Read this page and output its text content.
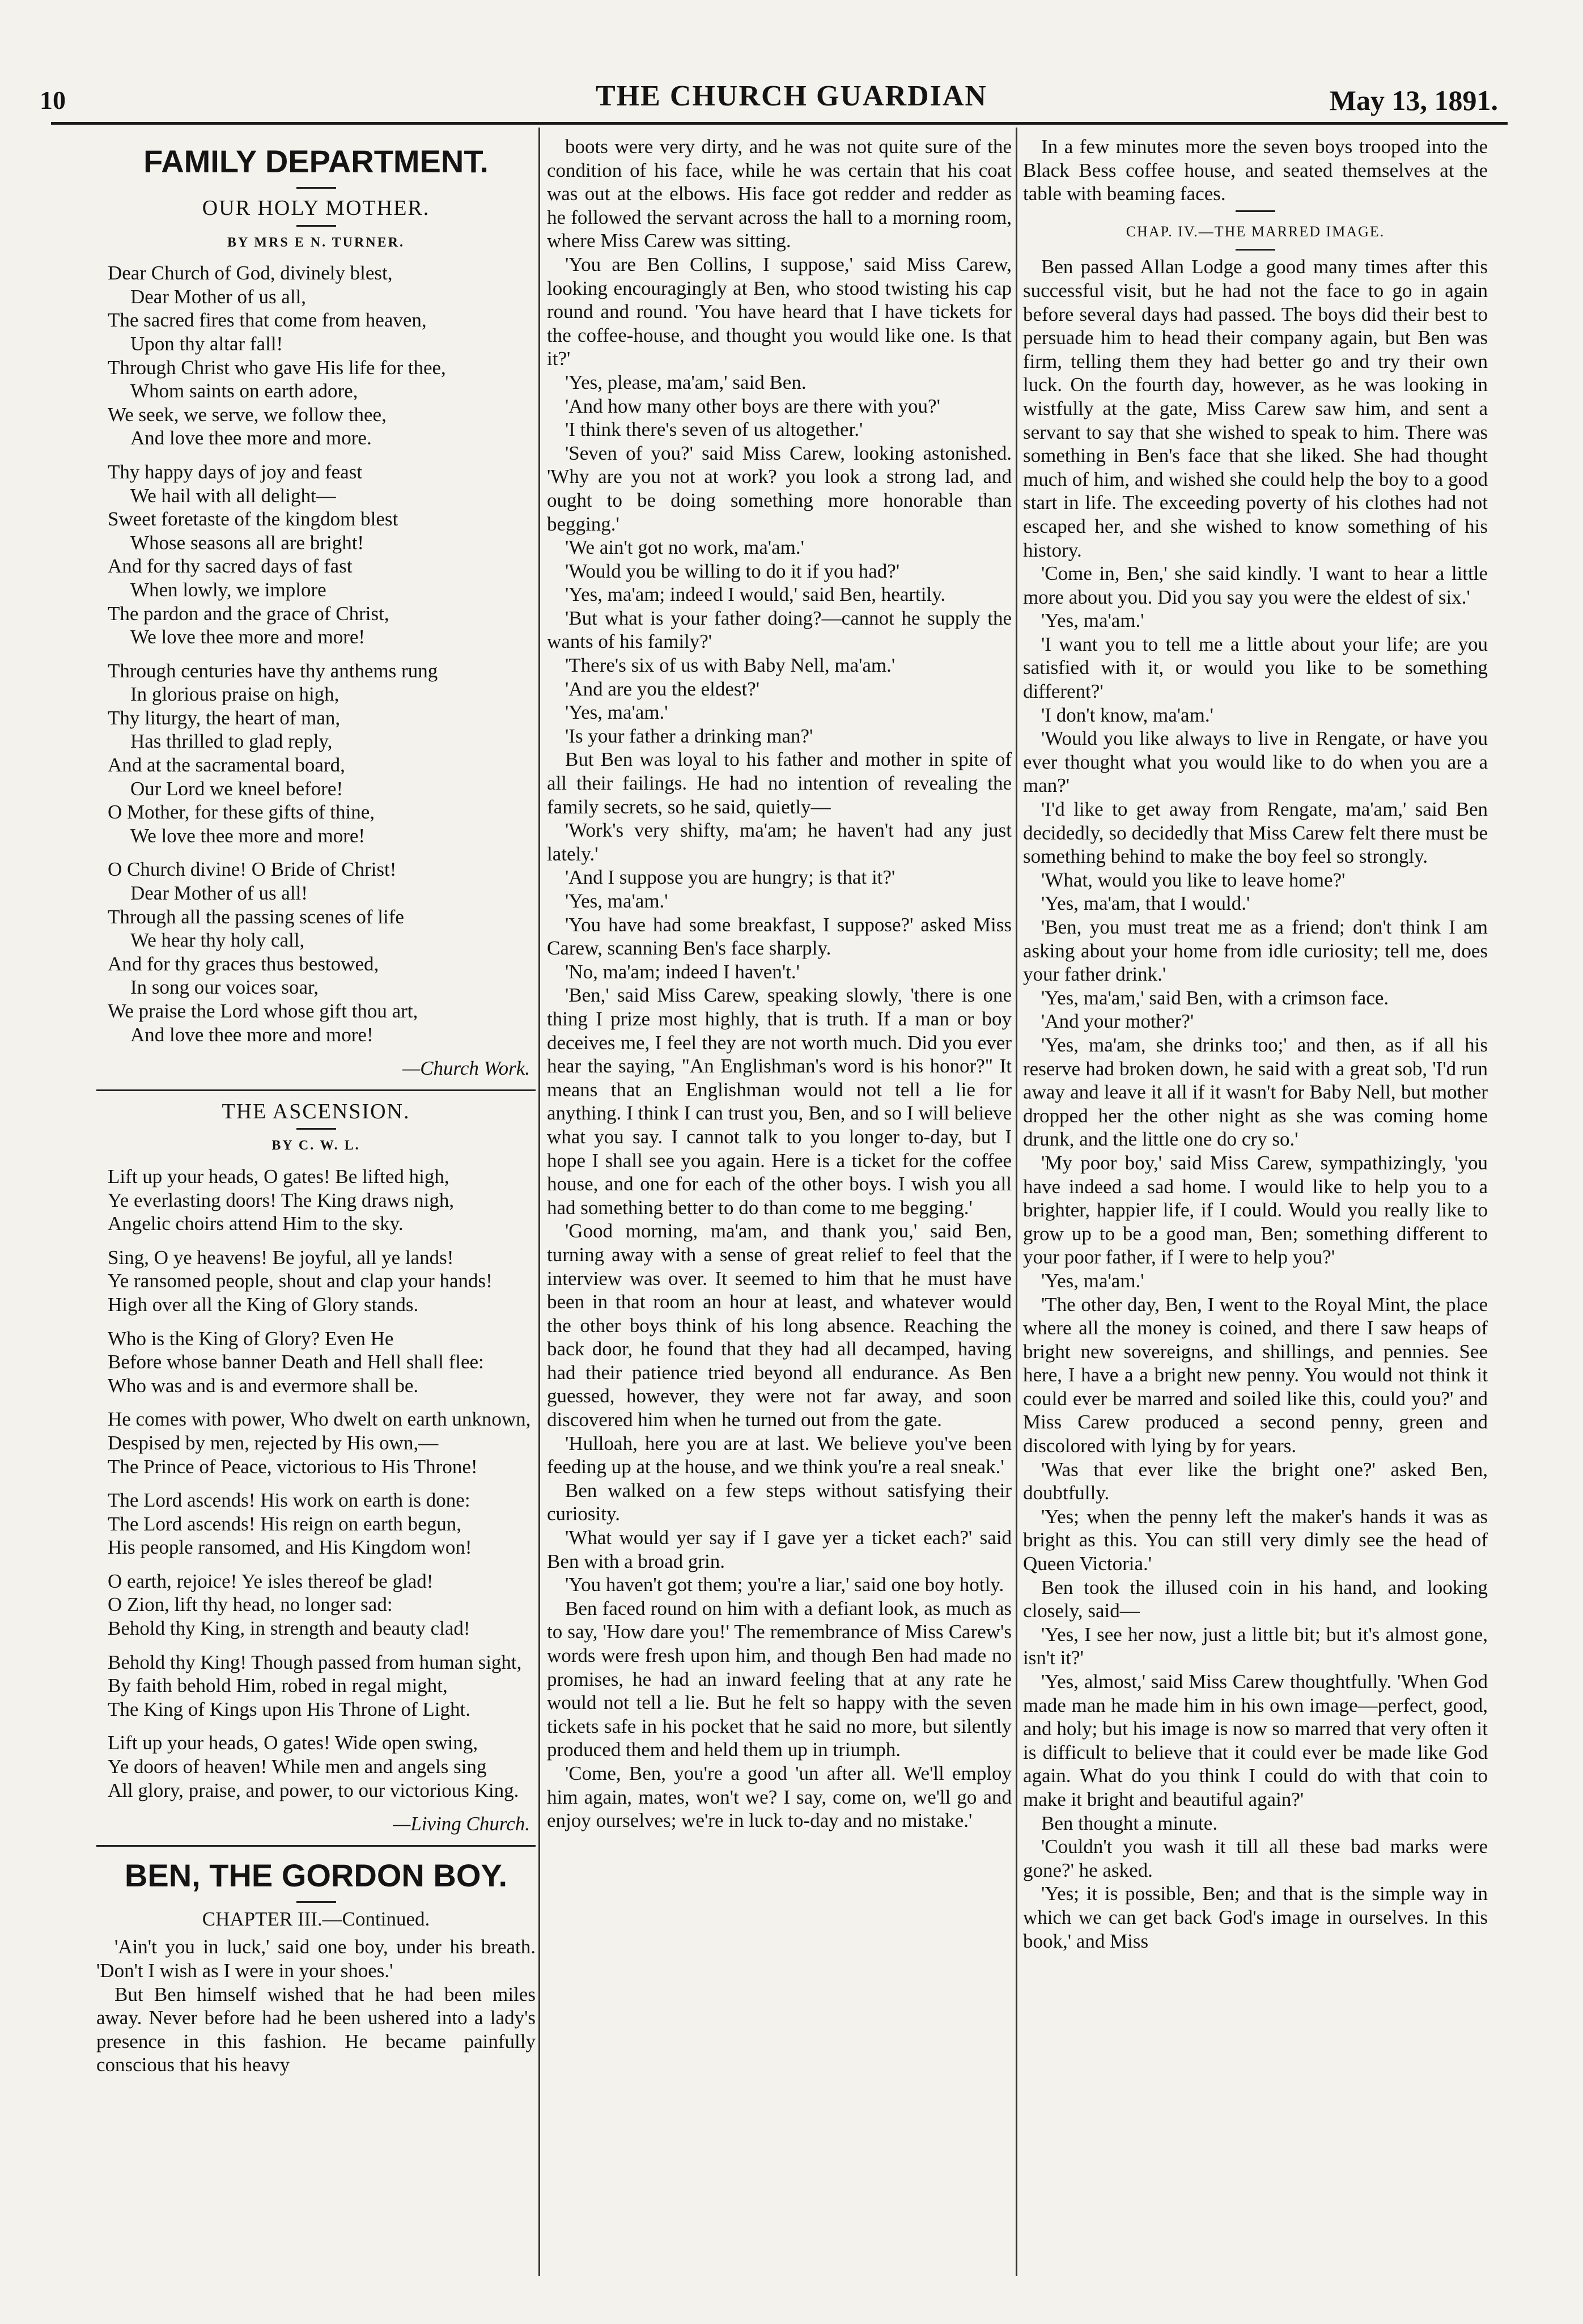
10	THE CHURCH GUARDIAN	May 13, 1891.
FAMILY DEPARTMENT.
OUR HOLY MOTHER.
BY MRS E N. TURNER.
Dear Church of God, divinely blest,
Dear Mother of us all,
The sacred fires that come from heaven,
Upon thy altar fall!
Through Christ who gave His life for thee,
Whom saints on earth adore,
We seek, we serve, we follow thee,
And love thee more and more.
Thy happy days of joy and feast
We hail with all delight—
Sweet foretaste of the kingdom blest
Whose seasons all are bright!
And for thy sacred days of fast
When lowly, we implore
The pardon and the grace of Christ,
We love thee more and more!
Through centuries have thy anthems rung
In glorious praise on high,
Thy liturgy, the heart of man,
Has thrilled to glad reply,
And at the sacramental board,
Our Lord we kneel before!
O Mother, for these gifts of thine,
We love thee more and more!
O Church divine! O Bride of Christ!
Dear Mother of us all!
Through all the passing scenes of life
We hear thy holy call,
And for thy graces thus bestowed,
In song our voices soar,
We praise the Lord whose gift thou art,
And love thee more and more!
—Church Work.
THE ASCENSION.
BY C. W. L.
Lift up your heads, O gates! Be lifted high,
Ye everlasting doors! The King draws nigh,
Angelic choirs attend Him to the sky.
Sing, O ye heavens! Be joyful, all ye lands!
Ye ransomed people, shout and clap your hands!
High over all the King of Glory stands.
Who is the King of Glory? Even He
Before whose banner Death and Hell shall flee:
Who was and is and evermore shall be.
He comes with power, Who dwelt on earth unknown,
Despised by men, rejected by His own,—
The Prince of Peace, victorious to His Throne!
The Lord ascends! His work on earth is done:
The Lord ascends! His reign on earth begun,
His people ransomed, and His Kingdom won!
O earth, rejoice! Ye isles thereof be glad!
O Zion, lift thy head, no longer sad:
Behold thy King, in strength and beauty clad!
Behold thy King! Though passed from human sight,
By faith behold Him, robed in regal might,
The King of Kings upon His Throne of Light.
Lift up your heads, O gates! Wide open swing,
Ye doors of heaven! While men and angels sing
All glory, praise, and power, to our victorious King.
—Living Church.
BEN, THE GORDON BOY.
CHAPTER III.—Continued.

'Ain't you in luck,' said one boy, under his breath. 'Don't I wish as I were in your shoes.'

But Ben himself wished that he had been miles away. Never before had he been ushered into a lady's presence in this fashion. He became painfully conscious that his heavy

boots were very dirty, and he was not quite sure of the condition of his face, while he was certain that his coat was out at the elbows. His face got redder and redder as he followed the servant across the hall to a morning room, where Miss Carew was sitting.

'You are Ben Collins, I suppose,' said Miss Carew, looking encouragingly at Ben, who stood twisting his cap round and round. 'You have heard that I have tickets for the coffee-house, and thought you would like one. Is that it?'

'Yes, please, ma'am,' said Ben.

'And how many other boys are there with you?'

'I think there's seven of us altogether.'

'Seven of you?' said Miss Carew, looking astonished. 'Why are you not at work? you look a strong lad, and ought to be doing something more honorable than begging.'

'We ain't got no work, ma'am.'

'Would you be willing to do it if you had?'

'Yes, ma'am; indeed I would,' said Ben, heartily.

'But what is your father doing?—cannot he supply the wants of his family?'

'There's six of us with Baby Nell, ma'am.'

'And are you the eldest?'

'Yes, ma'am.'

'Is your father a drinking man?'

But Ben was loyal to his father and mother in spite of all their failings. He had no intention of revealing the family secrets, so he said, quietly—

'Work's very shifty, ma'am; he haven't had any just lately.'

'And I suppose you are hungry; is that it?'

'Yes, ma'am.'

'You have had some breakfast, I suppose?' asked Miss Carew, scanning Ben's face sharply.

'No, ma'am; indeed I haven't.'

'Ben,' said Miss Carew, speaking slowly, 'there is one thing I prize most highly, that is truth. If a man or boy deceives me, I feel they are not worth much. Did you ever hear the saying, "An Englishman's word is his honor?" It means that an Englishman would not tell a lie for anything. I think I can trust you, Ben, and so I will believe what you say. I cannot talk to you longer to-day, but I hope I shall see you again. Here is a ticket for the coffee house, and one for each of the other boys. I wish you all had something better to do than come to me begging.'

'Good morning, ma'am, and thank you,' said Ben, turning away with a sense of great relief to feel that the interview was over. It seemed to him that he must have been in that room an hour at least, and whatever would the other boys think of his long absence. Reaching the back door, he found that they had all decamped, having had their patience tried beyond all endurance. As Ben guessed, however, they were not far away, and soon discovered him when he turned out from the gate.

'Hulloah, here you are at last. We believe you've been feeding up at the house, and we think you're a real sneak.'

Ben walked on a few steps without satisfying their curiosity.

'What would yer say if I gave yer a ticket each?' said Ben with a broad grin.

'You haven't got them; you're a liar,' said one boy hotly.

Ben faced round on him with a defiant look, as much as to say, 'How dare you!' The remembrance of Miss Carew's words were fresh upon him, and though Ben had made no promises, he had an inward feeling that at any rate he would not tell a lie. But he felt so happy with the seven tickets safe in his pocket that he said no more, but silently produced them and held them up in triumph.

'Come, Ben, you're a good 'un after all. We'll employ him again, mates, won't we? I say, come on, we'll go and enjoy ourselves; we're in luck to-day and no mistake.'

In a few minutes more the seven boys trooped into the Black Bess coffee house, and seated themselves at the table with beaming faces.

CHAP. IV.—THE MARRED IMAGE.

Ben passed Allan Lodge a good many times after this successful visit, but he had not the face to go in again before several days had passed. The boys did their best to persuade him to head their company again, but Ben was firm, telling them they had better go and try their own luck. On the fourth day, however, as he was looking in wistfully at the gate, Miss Carew saw him, and sent a servant to say that she wished to speak to him. There was something in Ben's face that she liked. She had thought much of him, and wished she could help the boy to a good start in life. The exceeding poverty of his clothes had not escaped her, and she wished to know something of his history.

'Come in, Ben,' she said kindly. 'I want to hear a little more about you. Did you say you were the eldest of six.'

'Yes, ma'am.'

'I want you to tell me a little about your life; are you satisfied with it, or would you like to be something different?'

'I don't know, ma'am.'

'Would you like always to live in Rengate, or have you ever thought what you would like to do when you are a man?'

'I'd like to get away from Rengate, ma'am,' said Ben decidedly, so decidedly that Miss Carew felt there must be something behind to make the boy feel so strongly.

'What, would you like to leave home?'

'Yes, ma'am, that I would.'

'Ben, you must treat me as a friend; don't think I am asking about your home from idle curiosity; tell me, does your father drink.'

'Yes, ma'am,' said Ben, with a crimson face.

'And your mother?'

'Yes, ma'am, she drinks too;' and then, as if all his reserve had broken down, he said with a great sob, 'I'd run away and leave it all if it wasn't for Baby Nell, but mother dropped her the other night as she was coming home drunk, and the little one do cry so.'

'My poor boy,' said Miss Carew, sympathizingly, 'you have indeed a sad home. I would like to help you to a brighter, happier life, if I could. Would you really like to grow up to be a good man, Ben; something different to your poor father, if I were to help you?'

'Yes, ma'am.'

'The other day, Ben, I went to the Royal Mint, the place where all the money is coined, and there I saw heaps of bright new sovereigns, and shillings, and pennies. See here, I have a a bright new penny. You would not think it could ever be marred and soiled like this, could you?' and Miss Carew produced a second penny, green and discolored with lying by for years.

'Was that ever like the bright one?' asked Ben, doubtfully.

'Yes; when the penny left the maker's hands it was as bright as this. You can still very dimly see the head of Queen Victoria.'

Ben took the illused coin in his hand, and looking closely, said—

'Yes, I see her now, just a little bit; but it's almost gone, isn't it?'

'Yes, almost,' said Miss Carew thoughtfully. 'When God made man he made him in his own image—perfect, good, and holy; but his image is now so marred that very often it is difficult to believe that it could ever be made like God again. What do you think I could do with that coin to make it bright and beautiful again?'

Ben thought a minute.

'Couldn't you wash it till all these bad marks were gone?' he asked.

'Yes; it is possible, Ben; and that is the simple way in which we can get back God's image in ourselves. In this book,' and Miss
